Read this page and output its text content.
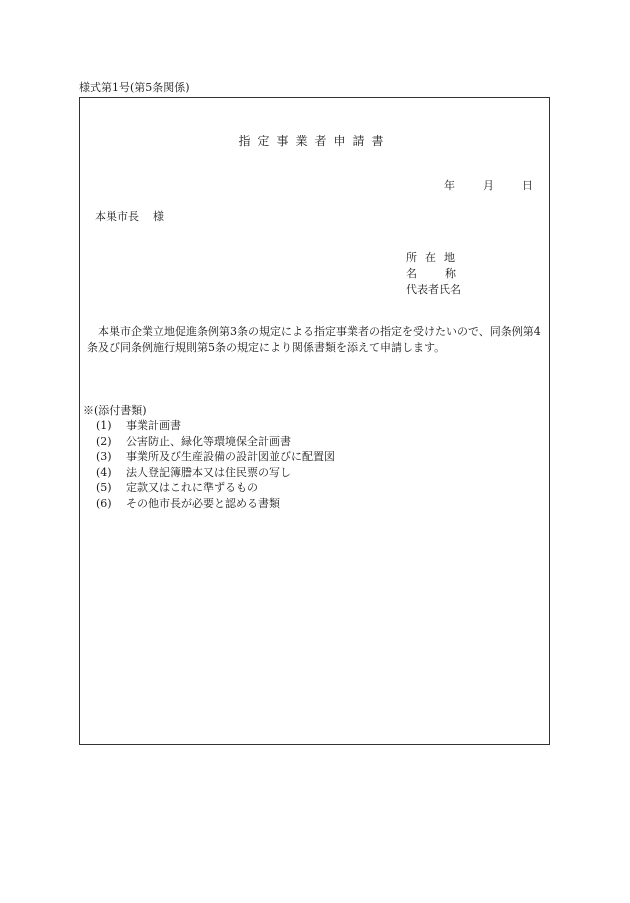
様式第1号(第5条関係)
指定事業者申請書
年	月	日
本巣市長 様
所在地
名称
代表者氏名
本巣市企業立地促進条例第3条の規定による指定事業者の指定を受けたいので、同条例第4条及び同条例施行規則第5条の規定により関係書類を添えて申請します。
※(添付書類)
(1) 事業計画書
(2) 公害防止、緑化等環境保全計画書
(3) 事業所及び生産設備の設計図並びに配置図
(4) 法人登記簿謄本又は住民票の写し
(5) 定款又はこれに準ずるもの
(6) その他市長が必要と認める書類
